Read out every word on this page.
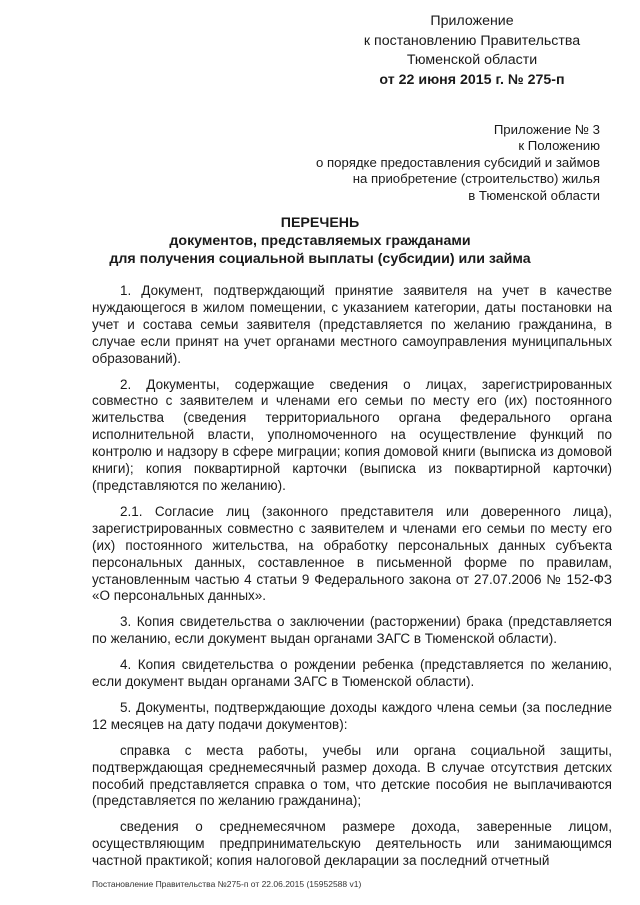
Приложение
к постановлению Правительства
Тюменской области
от 22 июня 2015 г. № 275-п
Приложение № 3
к Положению
о порядке предоставления субсидий и займов
на приобретение (строительство) жилья
в Тюменской области
ПЕРЕЧЕНЬ
документов, представляемых гражданами
для получения социальной выплаты (субсидии) или займа

1. Документ, подтверждающий принятие заявителя на учет в качестве нуждающегося в жилом помещении, с указанием категории, даты постановки на учет и состава семьи заявителя (представляется по желанию гражданина, в случае если принят на учет органами местного самоуправления муниципальных образований).

2. Документы, содержащие сведения о лицах, зарегистрированных совместно с заявителем и членами его семьи по месту его (их) постоянного жительства (сведения территориального органа федерального органа исполнительной власти, уполномоченного на осуществление функций по контролю и надзору в сфере миграции; копия домовой книги (выписка из домовой книги); копия поквартирной карточки (выписка из поквартирной карточки) (представляются по желанию).

2.1. Согласие лиц (законного представителя или доверенного лица), зарегистрированных совместно с заявителем и членами его семьи по месту его (их) постоянного жительства, на обработку персональных данных субъекта персональных данных, составленное в письменной форме по правилам, установленным частью 4 статьи 9 Федерального закона от 27.07.2006 № 152-ФЗ «О персональных данных».

3. Копия свидетельства о заключении (расторжении) брака (представляется по желанию, если документ выдан органами ЗАГС в Тюменской области).

4. Копия свидетельства о рождении ребенка (представляется по желанию, если документ выдан органами ЗАГС в Тюменской области).

5. Документы, подтверждающие доходы каждого члена семьи (за последние 12 месяцев на дату подачи документов):

справка с места работы, учебы или органа социальной защиты, подтверждающая среднемесячный размер дохода. В случае отсутствия детских пособий представляется справка о том, что детские пособия не выплачиваются (представляется по желанию гражданина);

сведения о среднемесячном размере дохода, заверенные лицом, осуществляющим предпринимательскую деятельность или занимающимся частной практикой; копия налоговой декларации за последний отчетный

Постановление Правительства №275-п от 22.06.2015 (15952588 v1)
